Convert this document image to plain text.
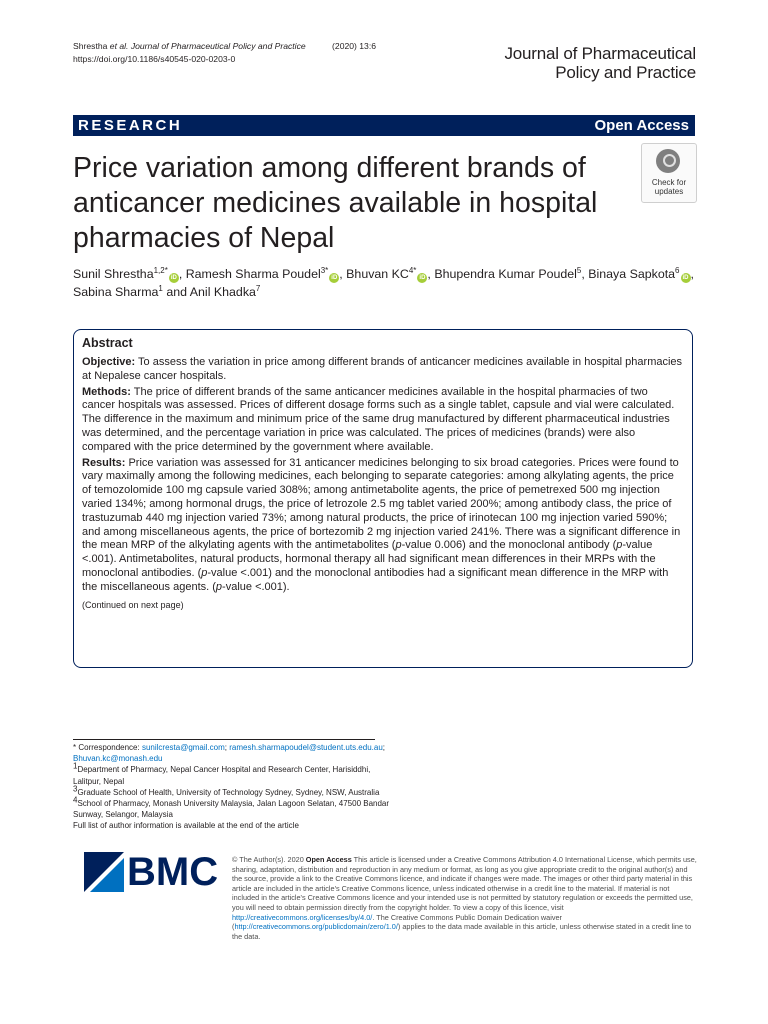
Shrestha et al. Journal of Pharmaceutical Policy and Practice	(2020) 13:6
https://doi.org/10.1186/s40545-020-0203-0	Journal of Pharmaceutical
Policy and Practice
RESEARCH	Open Access
Price variation among different brands of anticancer medicines available in hospital pharmacies of Nepal
Check for
updates
Sunil Shrestha$^{1,2*}$iD , Ramesh Sharma Poudel$^{3*}$iD , Bhuvan $KC^{4*}iD$ , Bhupendra Kumar Poudel$^5$, Binaya Sapkota$^6$iD , Sabina Sharma$^1$ and Anil Khadka$^7$
Abstract

Objective: To assess the variation in price among different brands of anticancer medicines available in hospital pharmacies at Nepalese cancer hospitals.

Methods: The price of different brands of the same anticancer medicines available in the hospital pharmacies of two cancer hospitals was assessed. Prices of different dosage forms such as a single tablet, capsule and vial were calculated. The difference in the maximum and minimum price of the same drug manufactured by different pharmaceutical industries was determined, and the percentage variation in price was calculated. The prices of medicines (brands) were also compared with the price determined by the government where available.

Results: Price variation was assessed for 31 anticancer medicines belonging to six broad categories. Prices were found to vary maximally among the following medicines, each belonging to separate categories: among alkylating agents, the price of temozolomide 100 mg capsule varied 308%; among antimetabolite agents, the price of pemetrexed 500 mg injection varied 134%; among hormonal drugs, the price of letrozole 2.5 mg tablet varied 200%; among antibody class, the price of trastuzumab 440 mg injection varied 73%; among natural products, the price of irinotecan 100 mg injection varied 590%; and among miscellaneous agents, the price of bortezomib 2 mg injection varied 241%. There was a significant difference in the mean MRP of the alkylating agents with the antimetabolites (p-value 0.006) and the monoclonal antibody (p-value <.001). Antimetabolites, natural products, hormonal therapy all had significant mean differences in their MRPs with the monoclonal antibodies. (p-value <.001) and the monoclonal antibodies had a significant mean difference in the MRP with the miscellaneous agents. (p-value <.001).

(Continued on next page)

* Correspondence: sunilcresta@gmail.com; ramesh.sharmapoudel@student.uts.edu.au; Bhuvan.kc@monash.edu
$^1$Department of Pharmacy, Nepal Cancer Hospital and Research Center, Harisiddhi, Lalitpur, Nepal
$^3$Graduate School of Health, University of Technology Sydney, Sydney, NSW, Australia
$^4$School of Pharmacy, Monash University Malaysia, Jalan Lagoon Selatan, 47500 Bandar Sunway, Selangor, Malaysia
Full list of author information is available at the end of the article
BMC © The Author(s). 2020 Open Access This article is licensed under a Creative Commons Attribution 4.0 International License, which permits use, sharing, adaptation, distribution and reproduction in any medium or format, as long as you give appropriate credit to the original author(s) and the source, provide a link to the Creative Commons licence, and indicate if changes were made. The images or other third party material in this article are included in the article's Creative Commons licence, unless indicated otherwise in a credit line to the material. If material is not included in the article's Creative Commons licence and your intended use is not permitted by statutory regulation or exceeds the permitted use, you will need to obtain permission directly from the copyright holder. To view a copy of this licence, visit http://creativecommons.org/licenses/by/4.0/. The Creative Commons Public Domain Dedication waiver (http://creativecommons.org/publicdomain/zero/1.0/) applies to the data made available in this article, unless otherwise stated in a credit line to the data.
